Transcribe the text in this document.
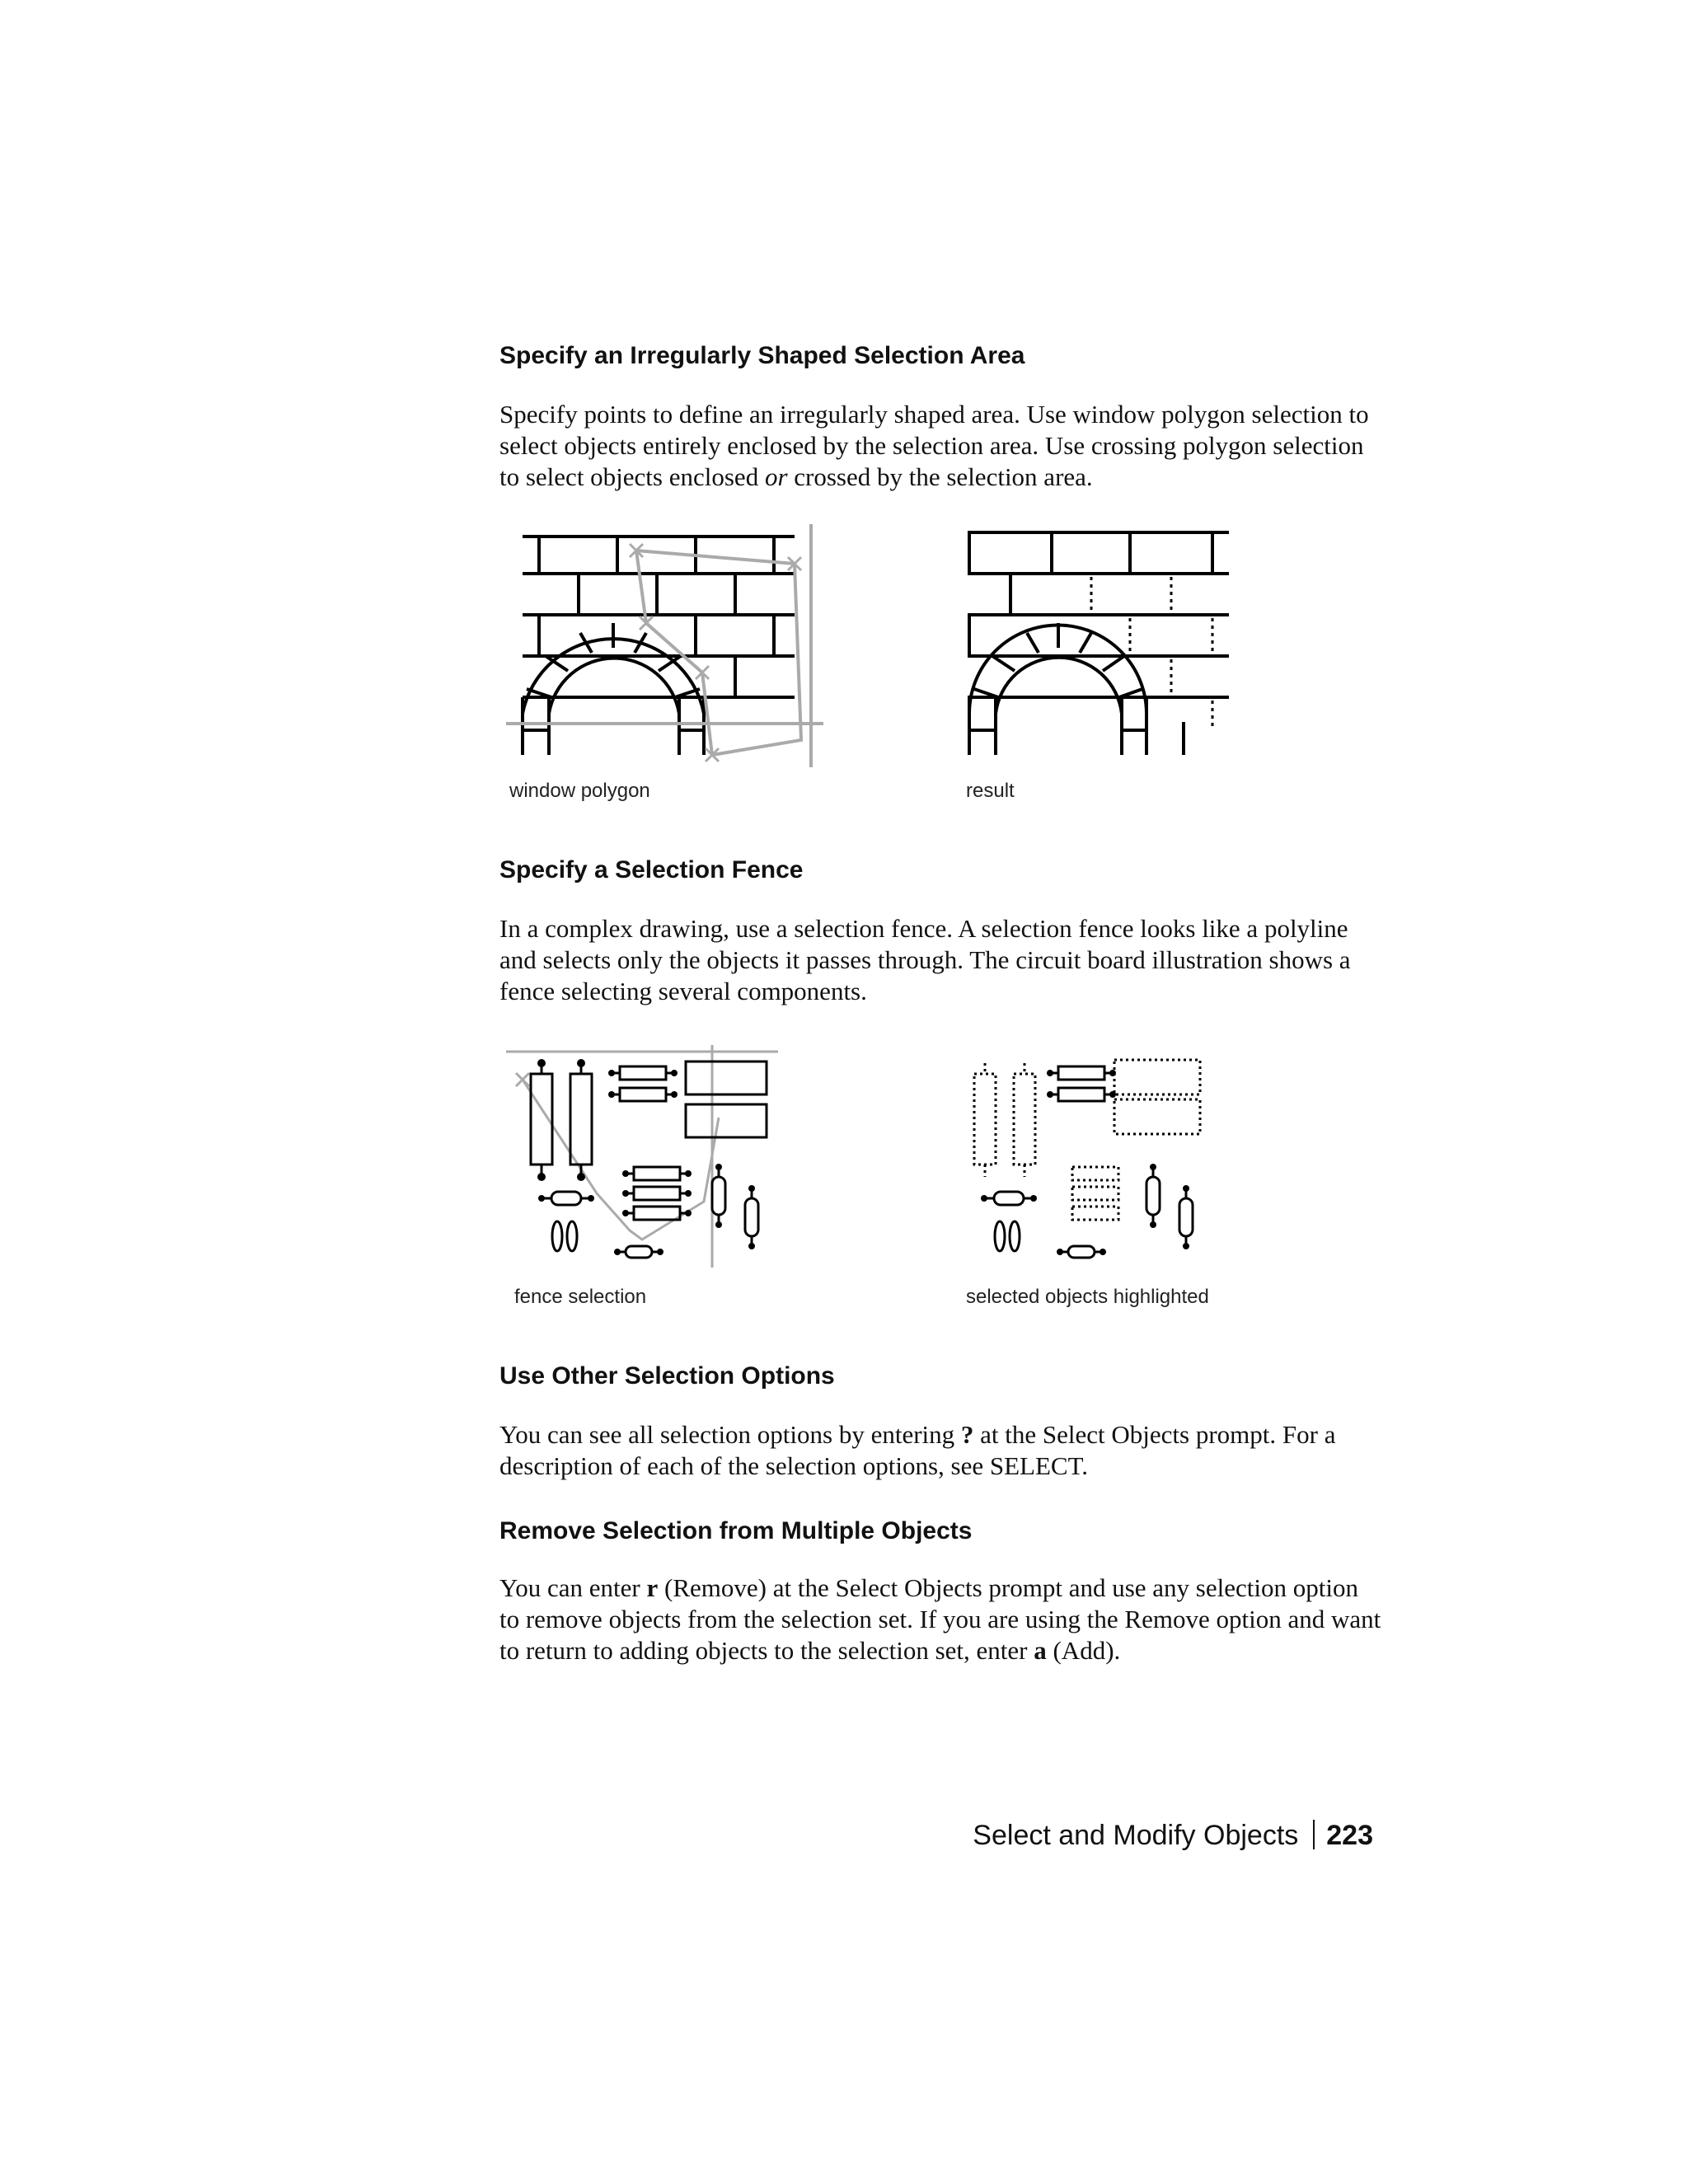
Specify an Irregularly Shaped Selection Area

Specify points to define an irregularly shaped area. Use window polygon selection to select objects entirely enclosed by the selection area. Use crossing polygon selection to select objects enclosed or crossed by the selection area.

window polygon	result

Specify a Selection Fence

In a complex drawing, use a selection fence. A selection fence looks like a polyline and selects only the objects it passes through. The circuit board illustration shows a fence selecting several components.

fence selection	selected objects highlighted

Use Other Selection Options

You can see all selection options by entering ? at the Select Objects prompt. For a description of each of the selection options, see SELECT.

Remove Selection from Multiple Objects

You can enter r (Remove) at the Select Objects prompt and use any selection option to remove objects from the selection set. If you are using the Remove option and want to return to adding objects to the selection set, enter a (Add).

Select and Modify Objects 223
